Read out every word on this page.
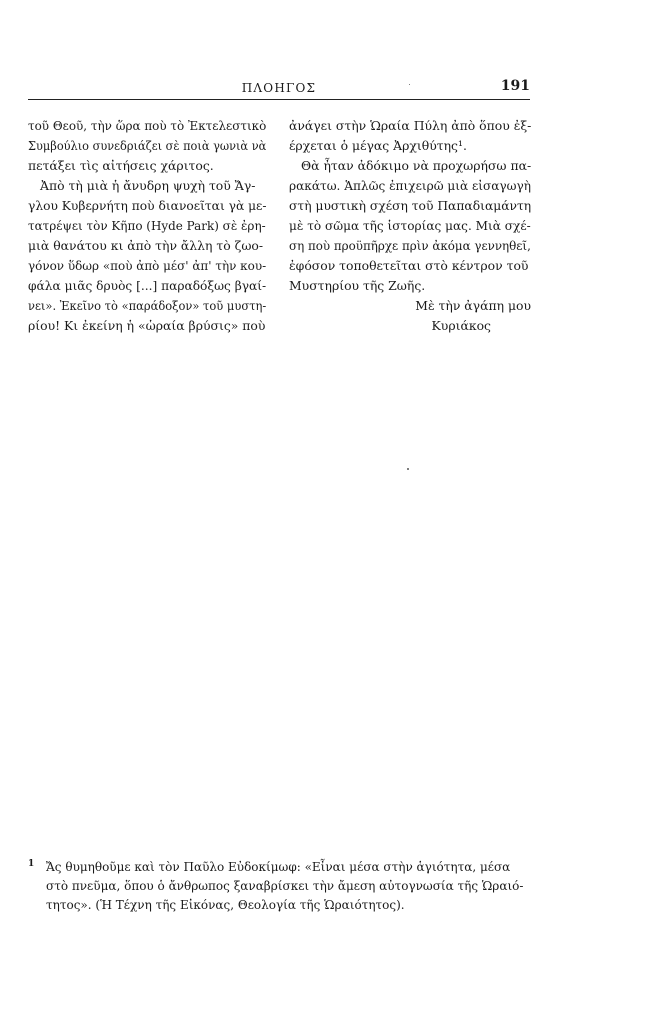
ΠΛΟΗΓΟΣ	191
τοῦ Θεοῦ, τὴν ὥρα ποὺ τὸ Ἐκτελεστικὸ
Συμβούλιο συνεδριάζει σὲ ποιὰ γωνιὰ νὰ
πετάξει τὶς αἰτήσεις χάριτος.
Ἀπὸ τὴ μιὰ ἡ ἄνυδρη ψυχὴ τοῦ Ἄγ-
γλου Κυβερνήτη ποὺ διανοεῖται γὰ με-
τατρέψει τὸν Κῆπο (Hyde Park) σὲ ἐρη-
μιὰ θανάτου κι ἀπὸ τὴν ἄλλη τὸ ζωο-
γόνον ὕδωρ «ποὺ ἀπὸ μέσ' ἀπ' τὴν κου-
φάλα μιᾶς δρυὸς [...] παραδόξως βγαί-
νει». Ἐκεῖνο τὸ «παράδοξον» τοῦ μυστη-
ρίου! Κι ἐκείνη ἡ «ὡραία βρύσις» ποὺ
ἀνάγει στὴν Ὡραία Πύλη ἀπὸ ὅπου ἐξ-
έρχεται ὁ μέγας Ἀρχιθύτης¹.
Θὰ ἦταν ἀδόκιμο νὰ προχωρήσω πα-
ρακάτω. Ἁπλῶς ἐπιχειρῶ μιὰ εἰσαγωγὴ
στὴ μυστικὴ σχέση τοῦ Παπαδιαμάντη
μὲ τὸ σῶμα τῆς ἱστορίας μας. Μιὰ σχέ-
ση ποὺ προϋπῆρχε πρὶν ἀκόμα γεννηθεῖ,
ἐφόσον τοποθετεῖται στὸ κέντρον τοῦ
Μυστηρίου τῆς Ζωῆς.
Μὲ τὴν ἀγάπη μου
Κυριάκος
1 Ἄς θυμηθοῦμε καὶ τὸν Παῦλο Εὐδοκίμωφ: «Εἶναι μέσα στὴν ἁγιότητα, μέσα
στὸ πνεῦμα, ὅπου ὁ ἄνθρωπος ξαναβρίσκει τὴν ἄμεση αὐτογνωσία τῆς Ὡραιό-
τητος». (Ἡ Τέχνη τῆς Εἰκόνας, Θεολογία τῆς Ὡραιότητος).
